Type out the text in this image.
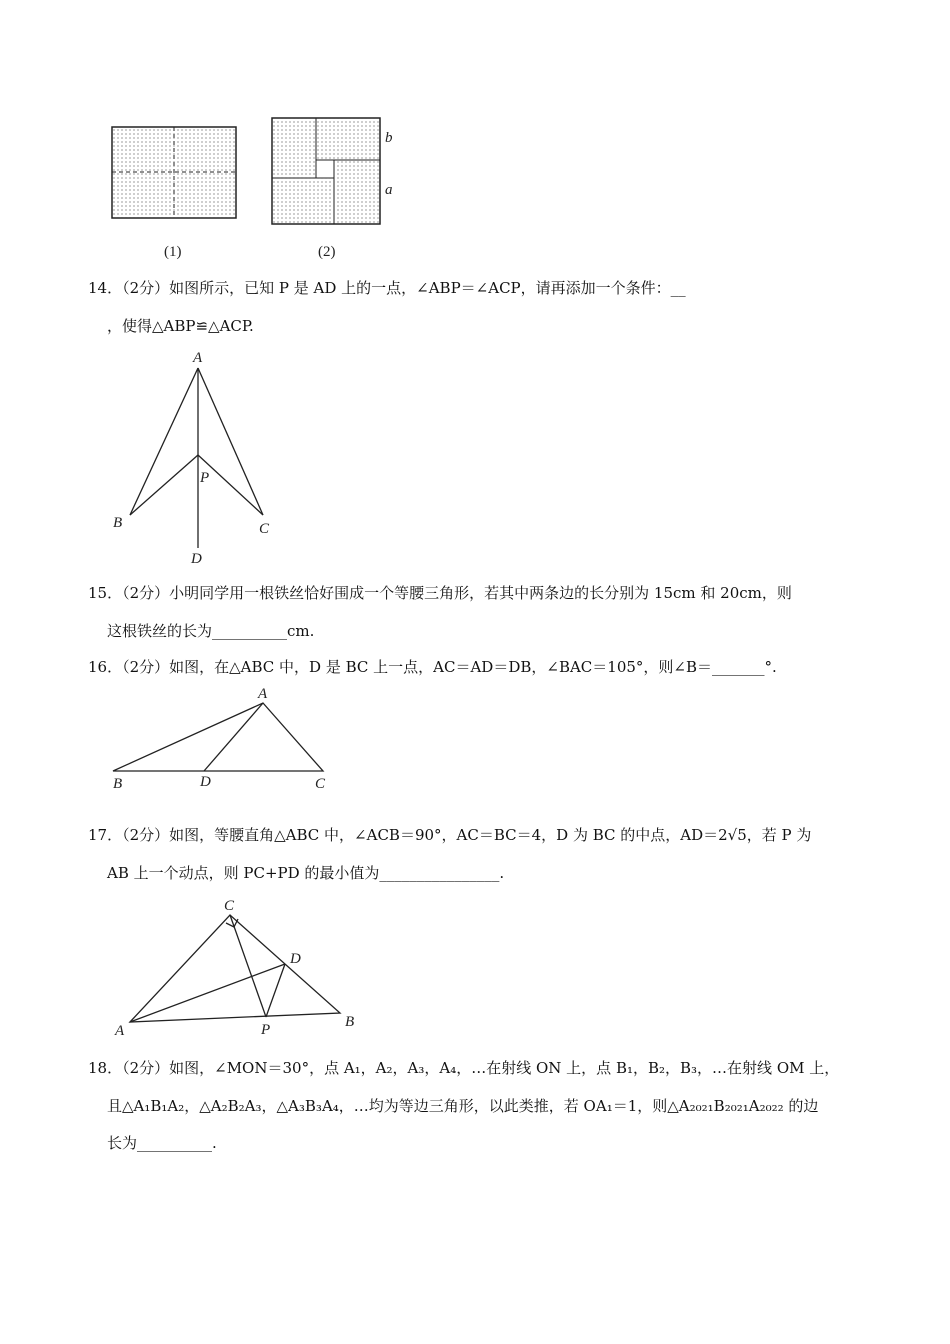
(1)	(2)
b
a
A
B	C
D
P
A
B	D	C
C
D
A	P	B
14．（2分）如图所示，已知 P 是 AD 上的一点，∠ABP＝∠ACP，请再添加一个条件：__
，使得△ABP≌△ACP.
15．（2分）小明同学用一根铁丝恰好围成一个等腰三角形，若其中两条边的长分别为 15cm 和 20cm，则
这根铁丝的长为__________cm.
16．（2分）如图，在△ABC 中，D 是 BC 上一点，AC＝AD＝DB，∠BAC＝105°，则∠B＝_______°.
17．（2分）如图，等腰直角△ABC 中，∠ACB＝90°，AC＝BC＝4，D 为 BC 的中点，AD＝2√5，若 P 为
AB 上一个动点，则 PC+PD 的最小值为________________.
18．（2分）如图，∠MON＝30°，点 A₁，A₂，A₃，A₄，…在射线 ON 上，点 B₁，B₂，B₃，…在射线 OM 上，
且△A₁B₁A₂，△A₂B₂A₃，△A₃B₃A₄，…均为等边三角形，以此类推，若 OA₁＝1，则△A₂₀₂₁B₂₀₂₁A₂₀₂₂ 的边
长为__________.
